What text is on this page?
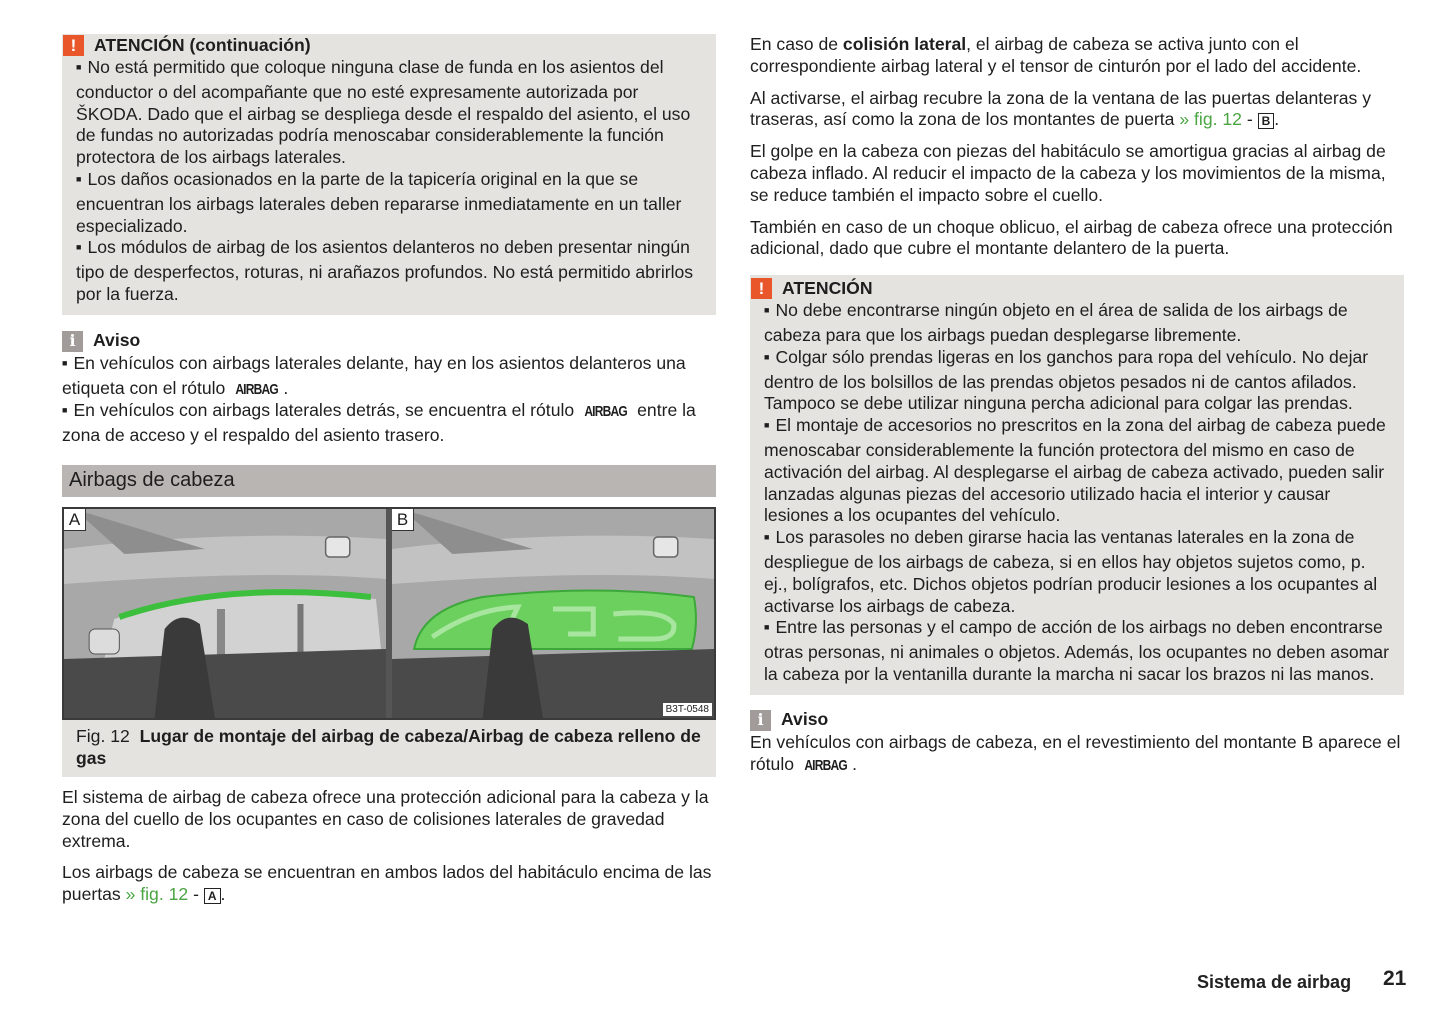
!	ATENCIÓN (continuación)

■ No está permitido que coloque ninguna clase de funda en los asientos del conductor o del acompañante que no esté expresamente autorizada por ŠKODA. Dado que el airbag se despliega desde el respaldo del asiento, el uso de fundas no autorizadas podría menoscabar considerablemente la función protectora de los airbags laterales.

■ Los daños ocasionados en la parte de la tapicería original en la que se encuentran los airbags laterales deben repararse inmediatamente en un taller especializado.

■ Los módulos de airbag de los asientos delanteros no deben presentar ningún tipo de desperfectos, roturas, ni arañazos profundos. No está permitido abrirlos por la fuerza.

i Aviso

■ En vehículos con airbags laterales delante, hay en los asientos delanteros una etiqueta con el rótulo AIRBAG .

■ En vehículos con airbags laterales detrás, se encuentra el rótulo AIRBAG entre la zona de acceso y el respaldo del asiento trasero.

Airbags de cabeza
A	B
B3T-0548
Fig. 12 Lugar de montaje del airbag de cabeza/Airbag de cabeza relleno de gas

El sistema de airbag de cabeza ofrece una protección adicional para la cabeza y la zona del cuello de los ocupantes en caso de colisiones laterales de gravedad extrema.

Los airbags de cabeza se encuentran en ambos lados del habitáculo encima de las puertas » fig. 12 - A .

En caso de colisión lateral, el airbag de cabeza se activa junto con el correspondiente airbag lateral y el tensor de cinturón por el lado del accidente.

Al activarse, el airbag recubre la zona de la ventana de las puertas delanteras y traseras, así como la zona de los montantes de puerta » fig. 12 - B .

El golpe en la cabeza con piezas del habitáculo se amortigua gracias al airbag de cabeza inflado. Al reducir el impacto de la cabeza y los movimientos de la misma, se reduce también el impacto sobre el cuello.

También en caso de un choque oblicuo, el airbag de cabeza ofrece una protección adicional, dado que cubre el montante delantero de la puerta.

!	ATENCIÓN

■ No debe encontrarse ningún objeto en el área de salida de los airbags de cabeza para que los airbags puedan desplegarse libremente.

■ Colgar sólo prendas ligeras en los ganchos para ropa del vehículo. No dejar dentro de los bolsillos de las prendas objetos pesados ni de cantos afilados. Tampoco se debe utilizar ninguna percha adicional para colgar las prendas.

■ El montaje de accesorios no prescritos en la zona del airbag de cabeza puede menoscabar considerablemente la función protectora del mismo en caso de activación del airbag. Al desplegarse el airbag de cabeza activado, pueden salir lanzadas algunas piezas del accesorio utilizado hacia el interior y causar lesiones a los ocupantes del vehículo.

■ Los parasoles no deben girarse hacia las ventanas laterales en la zona de despliegue de los airbags de cabeza, si en ellos hay objetos sujetos como, p. ej., bolígrafos, etc. Dichos objetos podrían producir lesiones a los ocupantes al activarse los airbags de cabeza.

■ Entre las personas y el campo de acción de los airbags no deben encontrarse otras personas, ni animales o objetos. Además, los ocupantes no deben asomar la cabeza por la ventanilla durante la marcha ni sacar los brazos ni las manos.

i Aviso

En vehículos con airbags de cabeza, en el revestimiento del montante B aparece el rótulo AIRBAG .

Sistema de airbag 21
